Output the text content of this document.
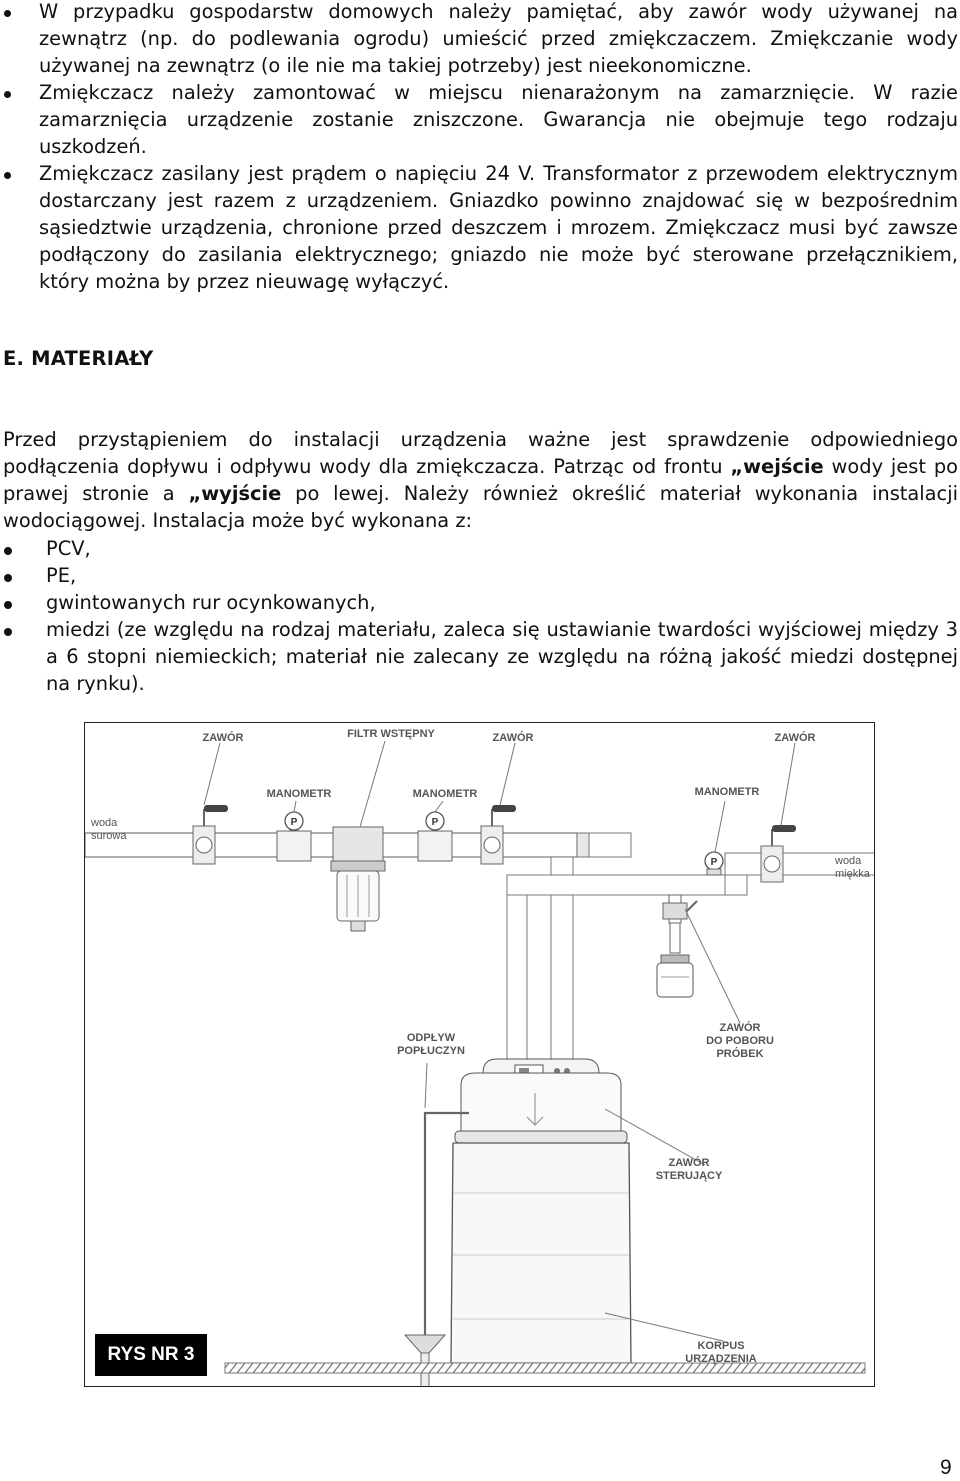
W przypadku gospodarstw domowych należy pamiętać, aby zawór wody używanej na zewnątrz (np. do podlewania ogrodu) umieścić przed zmiękczaczem. Zmiękczanie wody używanej na zewnątrz (o ile nie ma takiej potrzeby) jest nieekonomiczne.
Zmiękczacz należy zamontować w miejscu nienarażonym na zamarznięcie. W razie zamarznięcia urządzenie zostanie zniszczone. Gwarancja nie obejmuje tego rodzaju uszkodzeń.
Zmiękczacz zasilany jest prądem o napięciu 24 V. Transformator z przewodem elektrycznym dostarczany jest razem z urządzeniem. Gniazdko powinno znajdować się w bezpośrednim sąsiedztwie urządzenia, chronione przed deszczem i mrozem. Zmiękczacz musi być zawsze podłączony do zasilania elektrycznego; gniazdo nie może być sterowane przełącznikiem, który można by przez nieuwagę wyłączyć.
E. MATERIAŁY
Przed przystąpieniem do instalacji urządzenia ważne jest sprawdzenie odpowiedniego podłączenia dopływu i odpływu wody dla zmiękczacza. Patrząc od frontu „wejście wody jest po prawej stronie a „wyjście po lewej. Należy również określić materiał wykonania instalacji wodociągowej. Instalacja może być wykonana z:
PCV,
PE,
gwintowanych rur ocynkowanych,
miedzi (ze względu na rodzaj materiału, zaleca się ustawianie twardości wyjściowej między 3 a 6 stopni niemieckich; materiał nie zalecany ze względu na różną jakość miedzi dostępnej na rynku).
P	P
P
ZAWÓR	FILTR WSTĘPNY	ZAWÓR	ZAWÓR
MANOMETR	MANOMETR	MANOMETR
woda
surowa
woda
miękka
ODPŁYW
POPŁUCZYN
ZAWÓR
DO POBORU
PRÓBEK
ZAWÓR
STERUJĄCY
KORPUS
URZĄDZENIA
RYS NR 3
9
